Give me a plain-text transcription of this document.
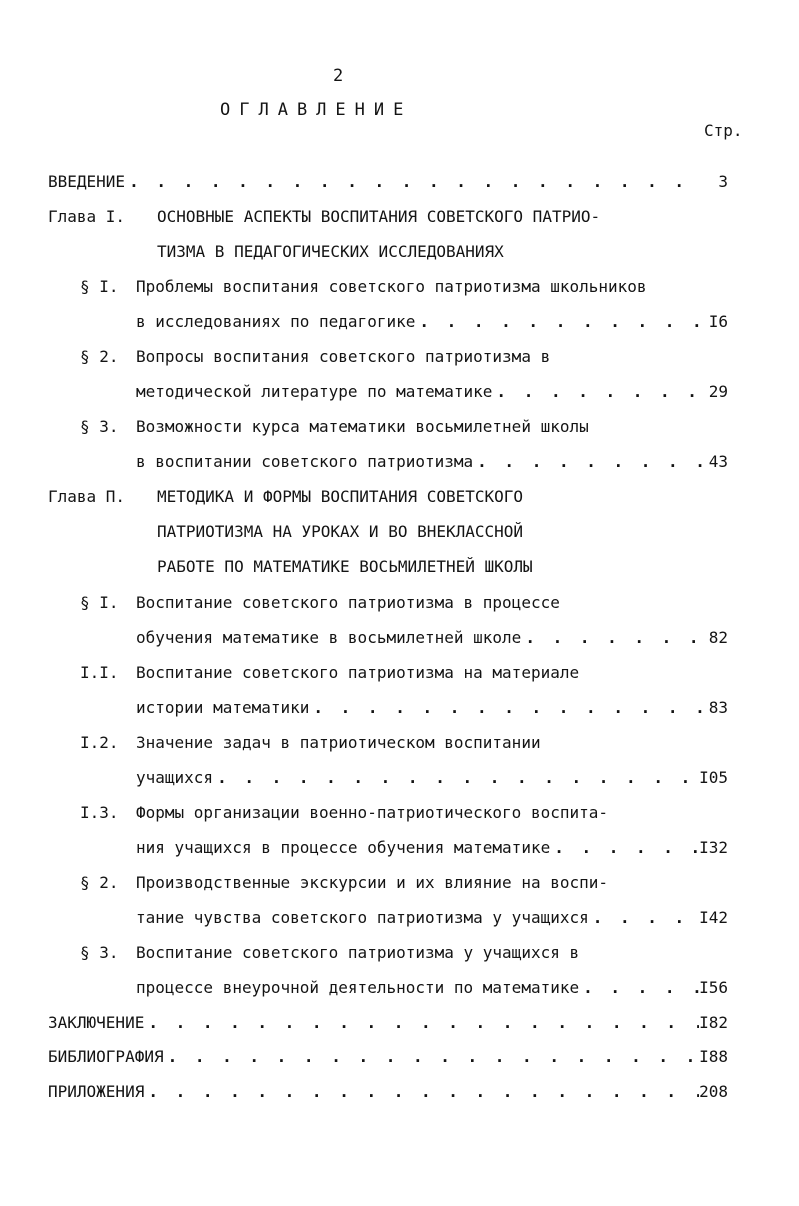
2
ОГЛАВЛЕНИЕ
Стр.
ВВЕДЕНИЕ . . .	3
Глава I. ОСНОВНЫЕ АСПЕКТЫ ВОСПИТАНИЯ СОВЕТСКОГО ПАТРИО-
ТИЗМА В ПЕДАГОГИЧЕСКИХ ИССЛЕДОВАНИЯХ
§ I. Проблемы воспитания советского патриотизма школьников
в исследованиях по педагогике . . .	I6
§ 2. Вопросы воспитания советского патриотизма в
методической литературе по математике . . .	29
§ 3. Возможности курса математики восьмилетней школы
в воспитании советского патриотизма . . .	43
Глава П. МЕТОДИКА И ФОРМЫ ВОСПИТАНИЯ СОВЕТСКОГО
ПАТРИОТИЗМА НА УРОКАХ И ВО ВНЕКЛАССНОЙ
РАБОТЕ ПО МАТЕМАТИКЕ ВОСЬМИЛЕТНЕЙ ШКОЛЫ
§ I. Воспитание советского патриотизма в процессе
обучения математике в восьмилетней школе . . .	82
I.I. Воспитание советского патриотизма на материале
истории математики . . .	83
I.2. Значение задач в патриотическом воспитании
учащихся . . .	I05
I.3. Формы организации военно-патриотического воспита-
ния учащихся в процессе обучения математике . . .	I32
§ 2. Производственные экскурсии и их влияние на воспи-
тание чувства советского патриотизма у учащихся . . .	I42
§ 3. Воспитание советского патриотизма у учащихся в
процессе внеурочной деятельности по математике . . .	I56
ЗАКЛЮЧЕНИЕ . . .	I82
БИБЛИОГРАФИЯ . . .	I88
ПРИЛОЖЕНИЯ . . .	208
